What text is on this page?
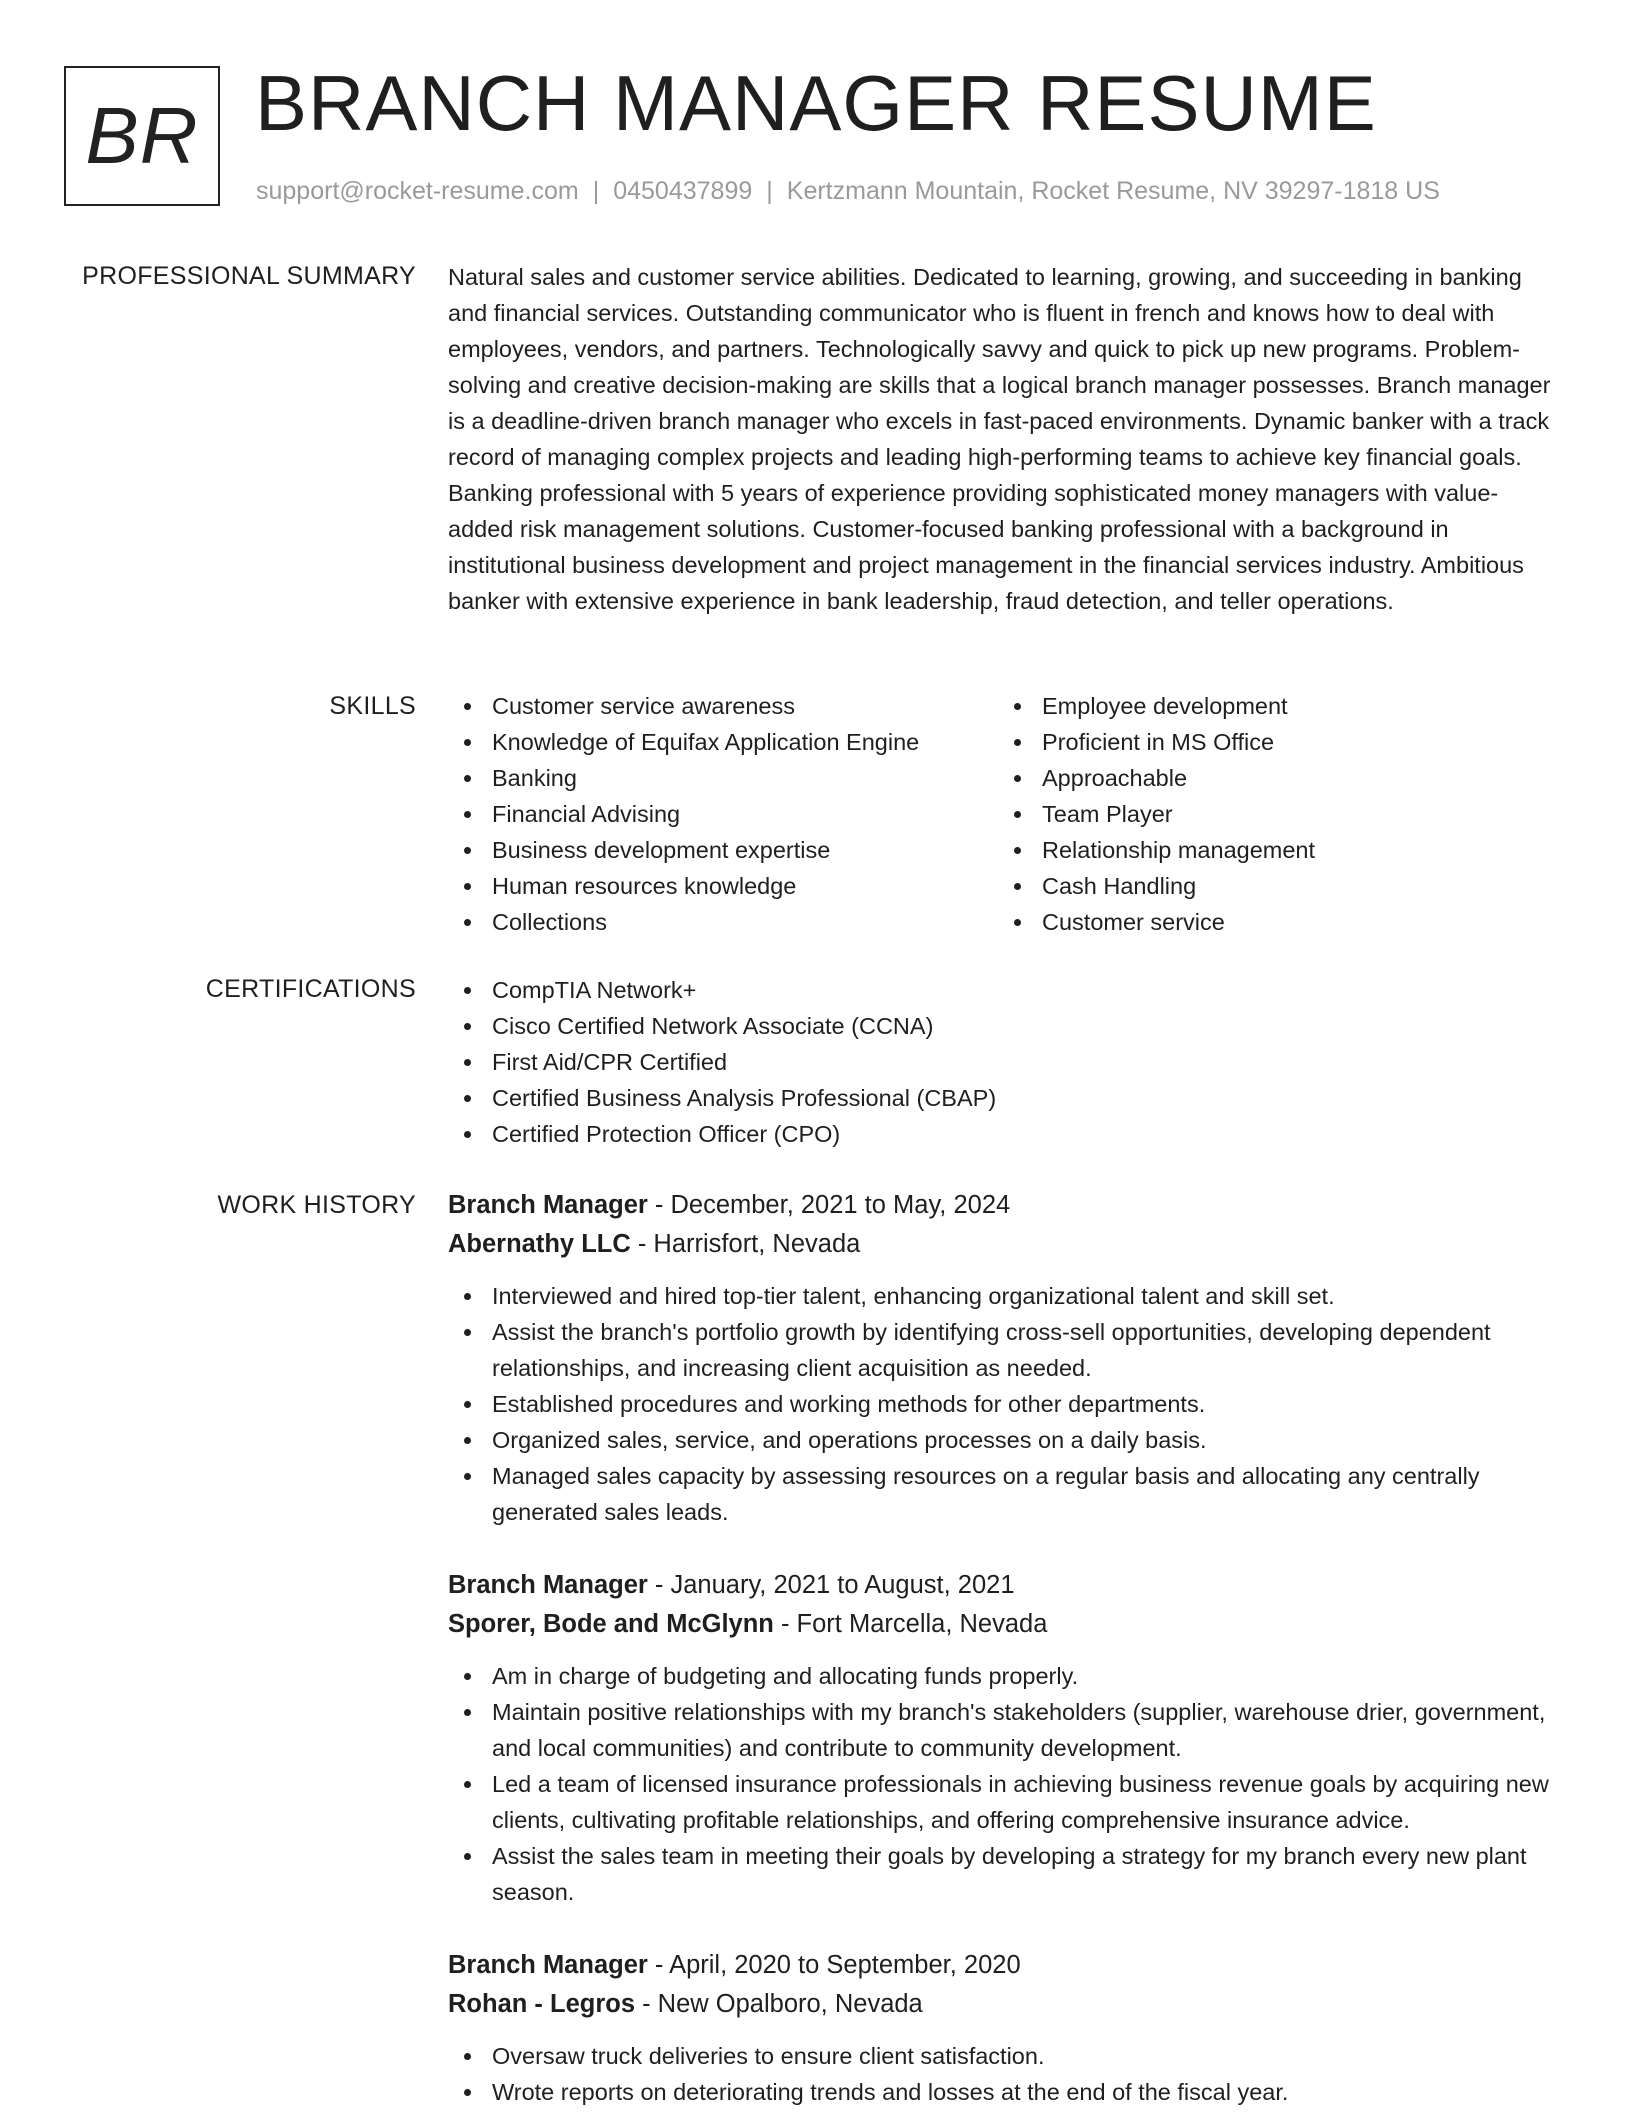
BR BRANCH MANAGER RESUME
support@rocket-resume.com | 0450437899 | Kertzmann Mountain, Rocket Resume, NV 39297-1818 US
PROFESSIONAL SUMMARY Natural sales and customer service abilities. Dedicated to learning, growing, and succeeding in banking and financial services. Outstanding communicator who is fluent in french and knows how to deal with employees, vendors, and partners. Technologically savvy and quick to pick up new programs. Problem-solving and creative decision-making are skills that a logical branch manager possesses. Branch manager is a deadline-driven branch manager who excels in fast-paced environments. Dynamic banker with a track record of managing complex projects and leading high-performing teams to achieve key financial goals. Banking professional with 5 years of experience providing sophisticated money managers with value-added risk management solutions. Customer-focused banking professional with a background in institutional business development and project management in the financial services industry. Ambitious banker with extensive experience in bank leadership, fraud detection, and teller operations.
SKILLS	Customer service awareness
Knowledge of Equifax Application Engine
Banking
Financial Advising
Business development expertise
Human resources knowledge
Collections
Employee development
Proficient in MS Office
Approachable
Team Player
Relationship management
Cash Handling
Customer service
CERTIFICATIONS	CompTIA Network+
Cisco Certified Network Associate (CCNA)
First Aid/CPR Certified
Certified Business Analysis Professional (CBAP)
Certified Protection Officer (CPO)
WORK HISTORY Branch Manager - December, 2021 to May, 2024
Abernathy LLC - Harrisfort, Nevada
Interviewed and hired top-tier talent, enhancing organizational talent and skill set.
Assist the branch's portfolio growth by identifying cross-sell opportunities, developing dependent relationships, and increasing client acquisition as needed.
Established procedures and working methods for other departments.
Organized sales, service, and operations processes on a daily basis.
Managed sales capacity by assessing resources on a regular basis and allocating any centrally generated sales leads.
Branch Manager - January, 2021 to August, 2021
Sporer, Bode and McGlynn - Fort Marcella, Nevada
Am in charge of budgeting and allocating funds properly.
Maintain positive relationships with my branch's stakeholders (supplier, warehouse drier, government, and local communities) and contribute to community development.
Led a team of licensed insurance professionals in achieving business revenue goals by acquiring new clients, cultivating profitable relationships, and offering comprehensive insurance advice.
Assist the sales team in meeting their goals by developing a strategy for my branch every new plant season.
Branch Manager - April, 2020 to September, 2020
Rohan - Legros - New Opalboro, Nevada
Oversaw truck deliveries to ensure client satisfaction.
Wrote reports on deteriorating trends and losses at the end of the fiscal year.
